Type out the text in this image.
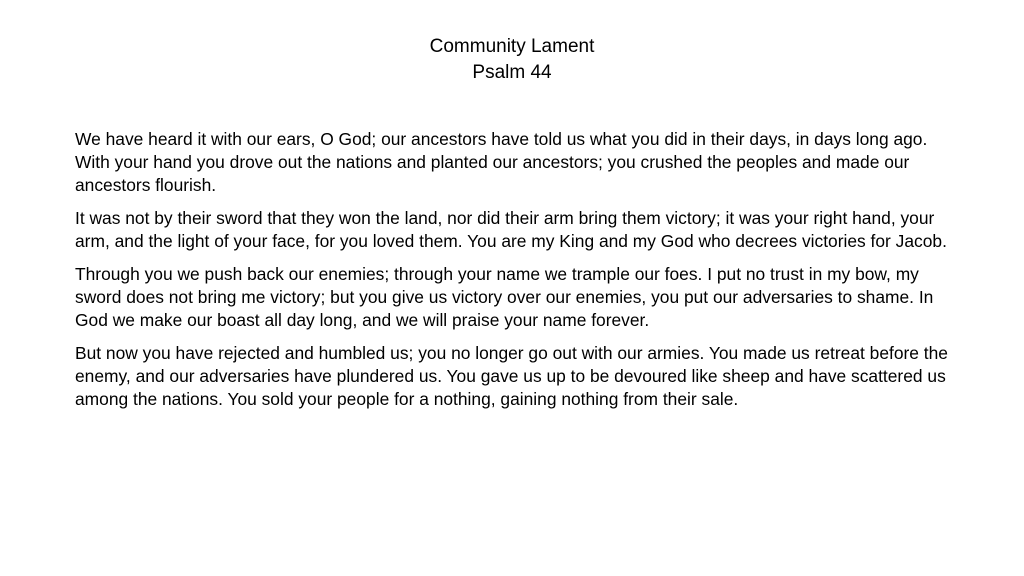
Community Lament
Psalm 44

We have heard it with our ears, O God; our ancestors have told us what you did in their days, in days long ago. With your hand you drove out the nations and planted our ancestors; you crushed the peoples and made our ancestors flourish.

It was not by their sword that they won the land, nor did their arm bring them victory; it was your right hand, your arm, and the light of your face, for you loved them. You are my King and my God who decrees victories for Jacob.

Through you we push back our enemies; through your name we trample our foes. I put no trust in my bow, my sword does not bring me victory; but you give us victory over our enemies, you put our adversaries to shame. In God we make our boast all day long, and we will praise your name forever.

But now you have rejected and humbled us; you no longer go out with our armies. You made us retreat before the enemy, and our adversaries have plundered us. You gave us up to be devoured like sheep and have scattered us among the nations. You sold your people for a nothing, gaining nothing from their sale.
